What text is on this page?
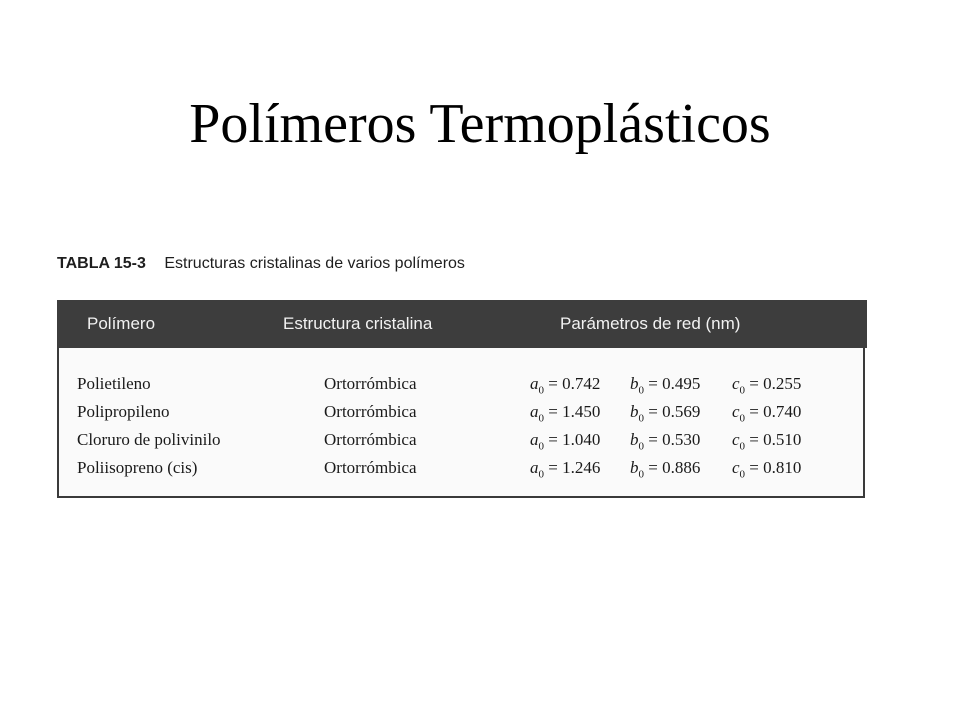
Polímeros Termoplásticos
TABLA 15-3 Estructuras cristalinas de varios polímeros
Polímero	Estructura cristalina	Parámetros de red (nm)
Polietileno	Ortorrómbica	$a_0 = 0.742$ $b_0 = 0.495$ $c_0 = 0.255$
Polipropileno	Ortorrómbica	$a_0 = 1.450$ $b_0 = 0.569$ $c_0 = 0.740$
Cloruro de polivinilo	Ortorrómbica	$a_0 = 1.040$ $b_0 = 0.530$ $c_0 = 0.510$
Poliisopreno (cis)	Ortorrómbica	$a_0 = 1.246$ $b_0 = 0.886$ $c_0 = 0.810$
